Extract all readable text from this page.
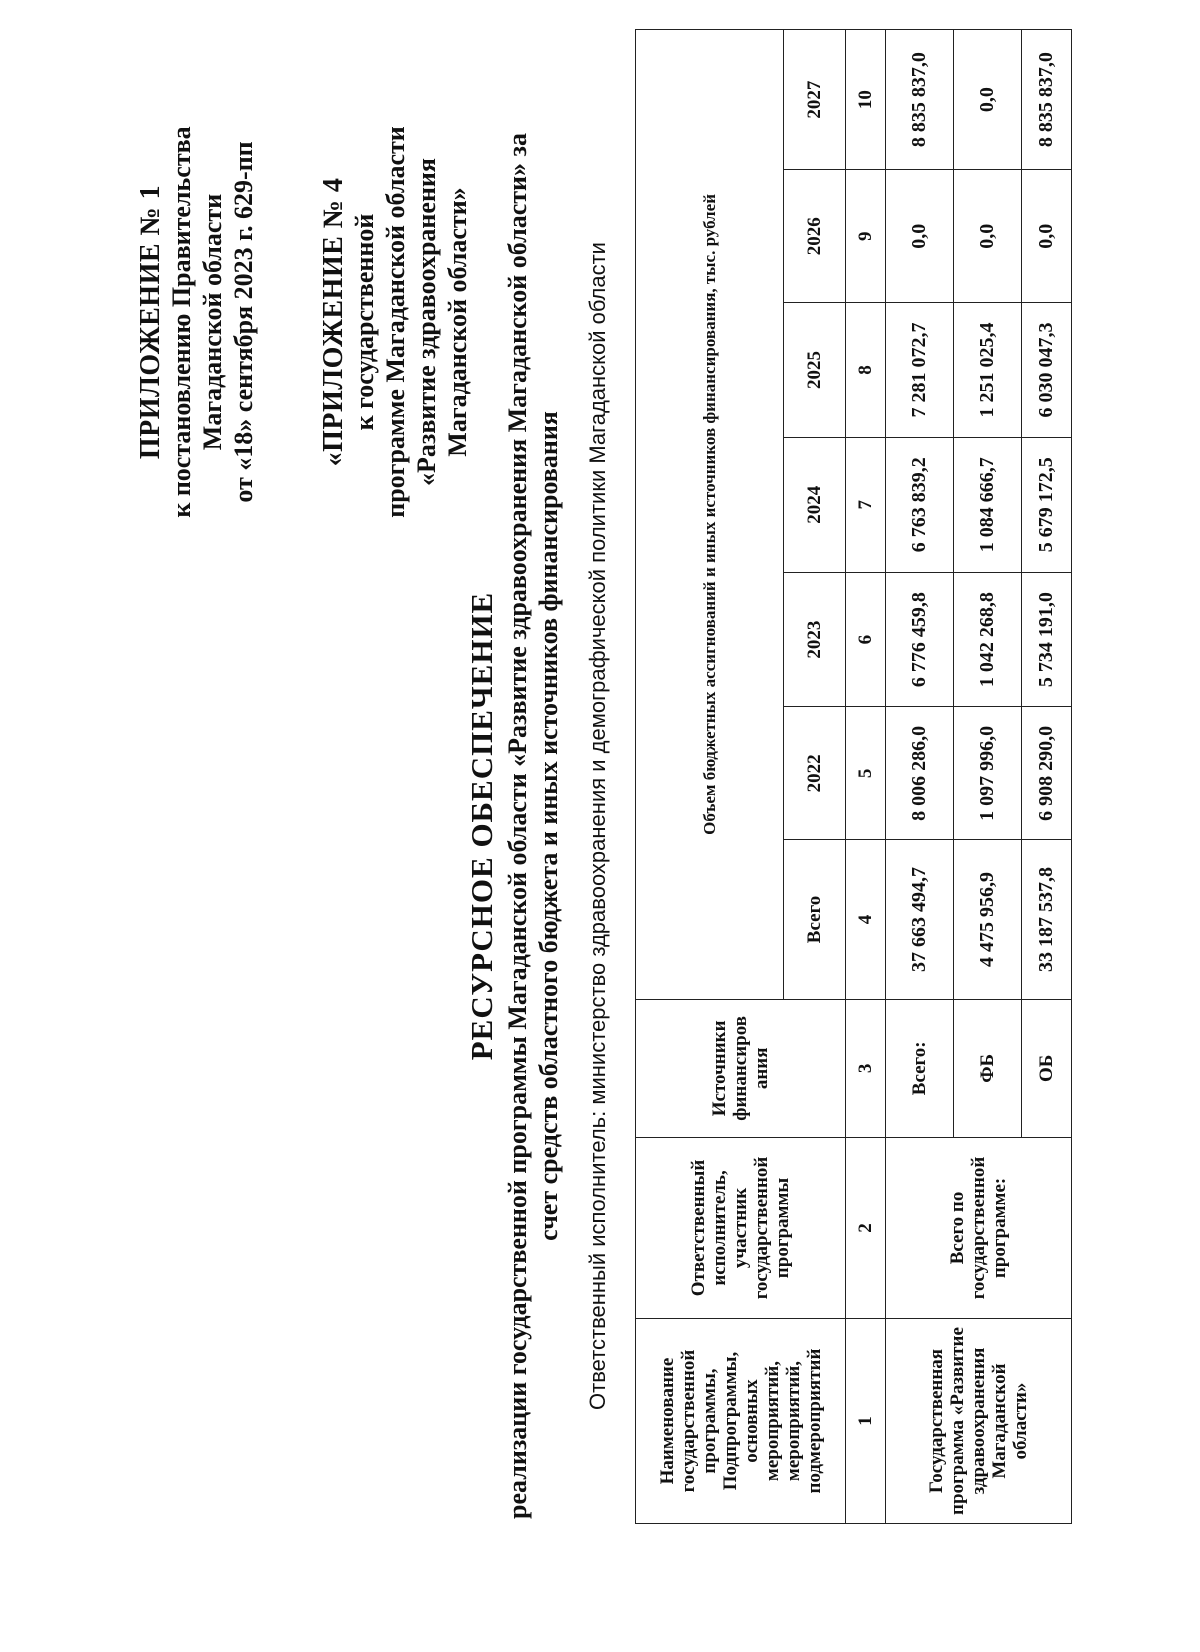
ПРИЛОЖЕНИЕ № 1 к постановлению Правительства Магаданской области от «18» сентября 2023 г. 629-пп «ПРИЛОЖЕНИЕ № 4 к государственной программе Магаданской области «Развитие здравоохранения Магаданской области»
РЕСУРСНОЕ ОБЕСПЕЧЕНИЕ реализации государственной программы Магаданской области «Развитие здравоохранения Магаданской области» за счет средств областного бюджета и иных источников финансирования Ответственный исполнитель: министерство здравоохранения и демографической политики Магаданской области
Наименование государственной программы, Подпрограммы, основных мероприятий, мероприятий, подмероприятий	Ответственный исполнитель, участник государственной программы	Источники финансиров ания	Объем бюджетных ассигнований и иных источников финансирования, тыс. рублей						
			Всего	2022	2023	2024	2025	2026	2027
1	2	3	4	5	6	7	8	9	10
Государственная программа «Развитие здравоохранения Магаданской области»	Всего по государственной программе:	Всего:	37 663 494,7	8 006 286,0	6 776 459,8	6 763 839,2	7 281 072,7	0,0	8 835 837,0
		ФБ	4 475 956,9	1 097 996,0	1 042 268,8	1 084 666,7	1 251 025,4	0,0	0,0
		ОБ	33 187 537,8	6 908 290,0	5 734 191,0	5 679 172,5	6 030 047,3	0,0	8 835 837,0
